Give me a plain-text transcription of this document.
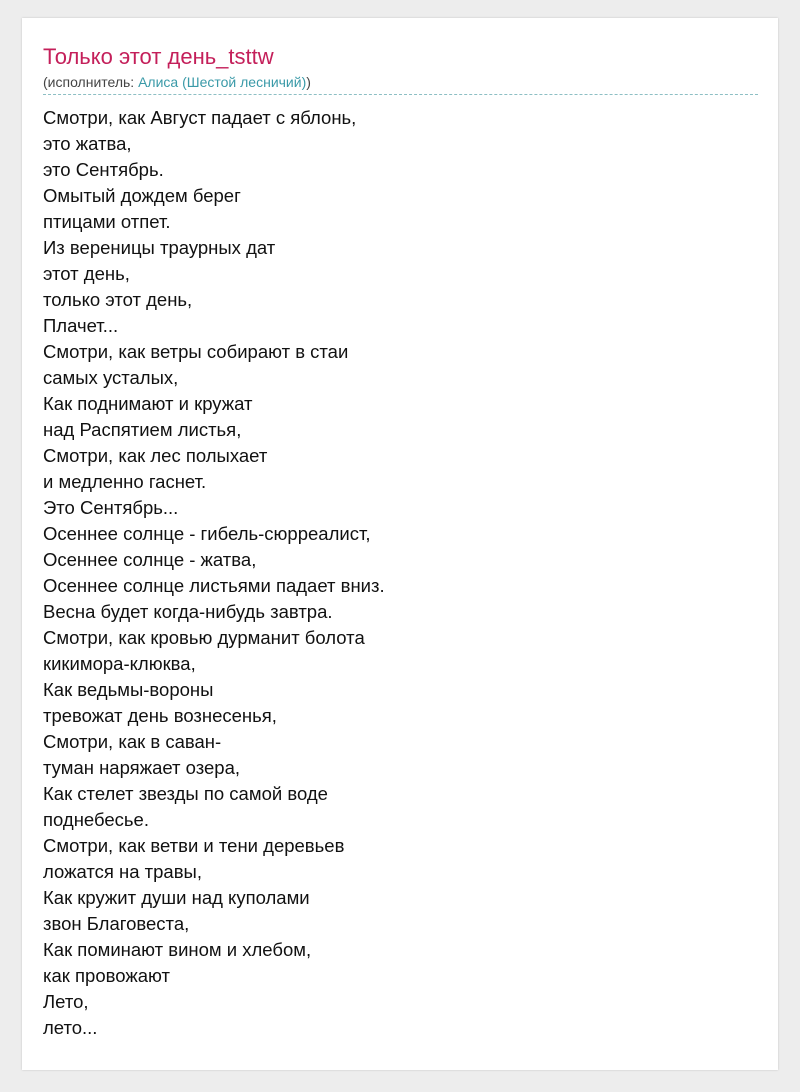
Только этот день_tsttw
(исполнитель: Алиса (Шестой лесничий))
Смотри, как Август падает с яблонь,
это жатва,
это Сентябрь.
Омытый дождем берег
птицами отпет.
Из вереницы траурных дат
этот день,
только этот день,
Плачет...
Смотри, как ветры собирают в стаи
самых усталых,
Как поднимают и кружат
над Распятием листья,
Смотри, как лес полыхает
и медленно гаснет.
Это Сентябрь...
Осеннее солнце - гибель-сюрреалист,
Осеннее солнце - жатва,
Осеннее солнце листьями падает вниз.
Весна будет когда-нибудь завтра.
Смотри, как кровью дурманит болота
кикимора-клюква,
Как ведьмы-вороны
тревожат день вознесенья,
Смотри, как в саван-
туман наряжает озера,
Как стелет звезды по самой воде
поднебесье.
Смотри, как ветви и тени деревьев
ложатся на травы,
Как кружит души над куполами
звон Благовеста,
Как поминают вином и хлебом,
как провожают
Лето,
лето...
